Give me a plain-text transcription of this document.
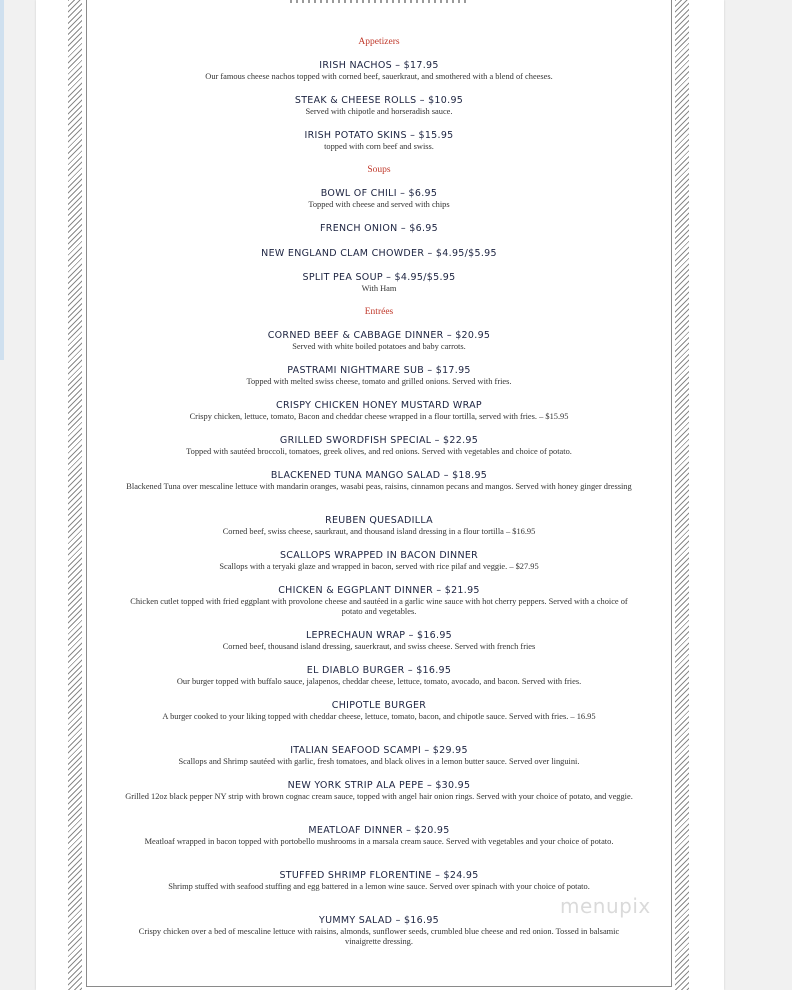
Appetizers
IRISH NACHOS – $17.95
Our famous cheese nachos topped with corned beef, sauerkraut, and smothered with a blend of cheeses.
STEAK & CHEESE ROLLS – $10.95
Served with chipotle and horseradish sauce.
IRISH POTATO SKINS – $15.95
topped with corn beef and swiss.
Soups
BOWL OF CHILI – $6.95
Topped with cheese and served with chips
FRENCH ONION – $6.95
NEW ENGLAND CLAM CHOWDER – $4.95/$5.95
SPLIT PEA SOUP – $4.95/$5.95
With Ham
Entrées
CORNED BEEF & CABBAGE DINNER – $20.95
Served with white boiled potatoes and baby carrots.
PASTRAMI NIGHTMARE SUB – $17.95
Topped with melted swiss cheese, tomato and grilled onions. Served with fries.
CRISPY CHICKEN HONEY MUSTARD WRAP
Crispy chicken, lettuce, tomato, Bacon and cheddar cheese wrapped in a flour tortilla, served with fries. – $15.95
GRILLED SWORDFISH SPECIAL – $22.95
Topped with sautéed broccoli, tomatoes, greek olives, and red onions. Served with vegetables and choice of potato.
BLACKENED TUNA MANGO SALAD – $18.95
Blackened Tuna over mescaline lettuce with mandarin oranges, wasabi peas, raisins, cinnamon pecans and mangos. Served with honey ginger dressing
REUBEN QUESADILLA
Corned beef, swiss cheese, saurkraut, and thousand island dressing in a flour tortilla – $16.95
SCALLOPS WRAPPED IN BACON DINNER
Scallops with a teryaki glaze and wrapped in bacon, served with rice pilaf and veggie. – $27.95
CHICKEN & EGGPLANT DINNER – $21.95
Chicken cutlet topped with fried eggplant with provolone cheese and sautéed in a garlic wine sauce with hot cherry peppers. Served with a choice of potato and vegetables.
LEPRECHAUN WRAP – $16.95
Corned beef, thousand island dressing, sauerkraut, and swiss cheese. Served with french fries
EL DIABLO BURGER – $16.95
Our burger topped with buffalo sauce, jalapenos, cheddar cheese, lettuce, tomato, avocado, and bacon. Served with fries.
CHIPOTLE BURGER
A burger cooked to your liking topped with cheddar cheese, lettuce, tomato, bacon, and chipotle sauce. Served with fries. – 16.95
ITALIAN SEAFOOD SCAMPI – $29.95
Scallops and Shrimp sautéed with garlic, fresh tomatoes, and black olives in a lemon butter sauce. Served over linguini.
NEW YORK STRIP ALA PEPE – $30.95
Grilled 12oz black pepper NY strip with brown cognac cream sauce, topped with angel hair onion rings. Served with your choice of potato, and veggie.
MEATLOAF DINNER – $20.95
Meatloaf wrapped in bacon topped with portobello mushrooms in a marsala cream sauce. Served with vegetables and your choice of potato.
STUFFED SHRIMP FLORENTINE – $24.95
Shrimp stuffed with seafood stuffing and egg battered in a lemon wine sauce. Served over spinach with your choice of potato.
YUMMY SALAD – $16.95
Crispy chicken over a bed of mescaline lettuce with raisins, almonds, sunflower seeds, crumbled blue cheese and red onion. Tossed in balsamic vinaigrette dressing.
menupix
